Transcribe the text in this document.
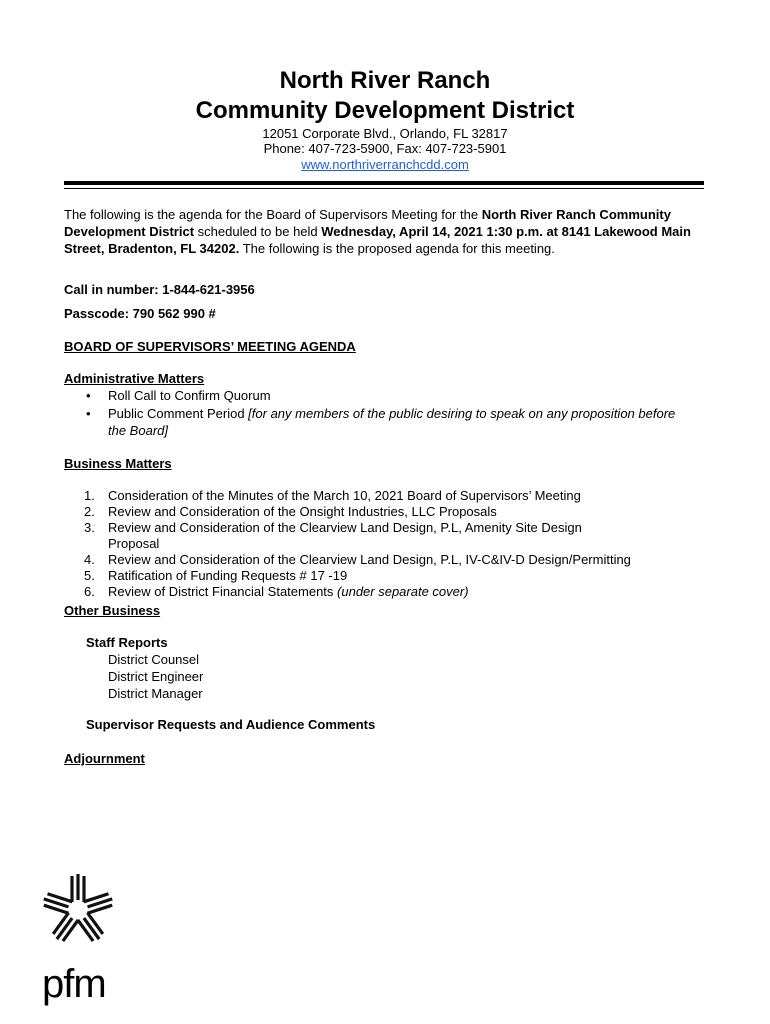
North River Ranch
Community Development District
12051 Corporate Blvd., Orlando, FL 32817
Phone: 407-723-5900, Fax: 407-723-5901
www.northriverranchcdd.com
The following is the agenda for the Board of Supervisors Meeting for the North River Ranch Community Development District scheduled to be held Wednesday, April 14, 2021 1:30 p.m. at 8141 Lakewood Main Street, Bradenton, FL 34202. The following is the proposed agenda for this meeting.
Call in number: 1-844-621-3956
Passcode: 790 562 990 #
BOARD OF SUPERVISORS’ MEETING AGENDA
Administrative Matters
• Roll Call to Confirm Quorum
• Public Comment Period [for any members of the public desiring to speak on any proposition before
the Board]
Business Matters
1. Consideration of the Minutes of the March 10, 2021 Board of Supervisors’ Meeting
2. Review and Consideration of the Onsight Industries, LLC Proposals
3. Review and Consideration of the Clearview Land Design, P.L, Amenity Site Design
Proposal
4. Review and Consideration of the Clearview Land Design, P.L, IV-C&IV-D Design/Permitting
5. Ratification of Funding Requests # 17 -19
6. Review of District Financial Statements (under separate cover)
Other Business
Staff Reports
District Counsel
District Engineer
District Manager
Supervisor Requests and Audience Comments
Adjournment
pfm
